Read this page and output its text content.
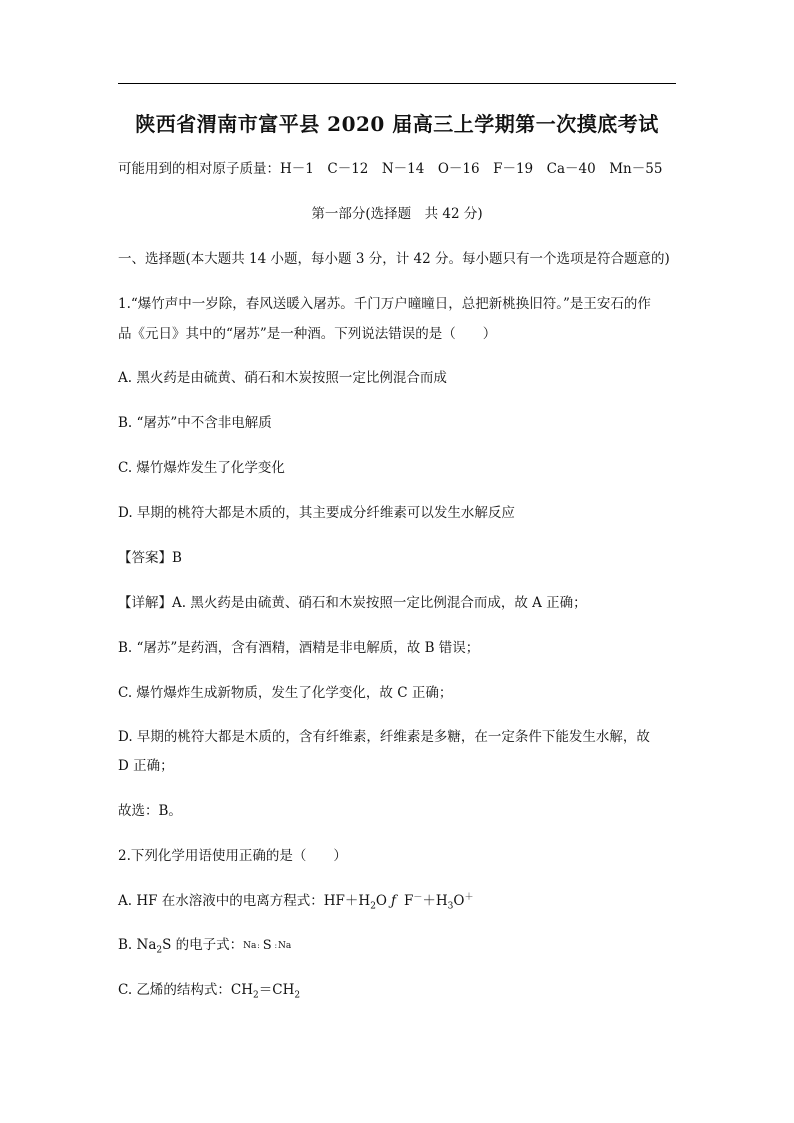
陕西省渭南市富平县 2020 届高三上学期第一次摸底考试
可能用到的相对原子质量：H－1　C－12　N－14　O－16　F－19　Ca－40　Mn－55
第一部分(选择题　共 42 分)
一、选择题(本大题共 14 小题，每小题 3 分，计 42 分。每小题只有一个选项是符合题意的)
1.“爆竹声中一岁除，春风送暖入屠苏。千门万户曈曈日，总把新桃换旧符。”是王安石的作
品《元日》其中的“屠苏”是一种酒。下列说法错误的是（　　）
A. 黑火药是由硫黄、硝石和木炭按照一定比例混合而成
B. “屠苏”中不含非电解质
C. 爆竹爆炸发生了化学变化
D. 早期的桃符大都是木质的，其主要成分纤维素可以发生水解反应
【答案】B
【详解】A. 黑火药是由硫黄、硝石和木炭按照一定比例混合而成，故 A 正确；
B. “屠苏”是药酒，含有酒精，酒精是非电解质，故 B 错误；
C. 爆竹爆炸生成新物质，发生了化学变化，故 C 正确；
D. 早期的桃符大都是木质的，含有纤维素，纤维素是多糖，在一定条件下能发生水解，故
D 正确；
故选：B。
2.下列化学用语使用正确的是（　　）
A. HF 在水溶液中的电离方程式：$HF+H_2O$ ƒ $F^-+H_3O^+$
B. $Na_2S$ 的电子式： Na : S : Na
C. 乙烯的结构式：$CH_2=CH_2$
